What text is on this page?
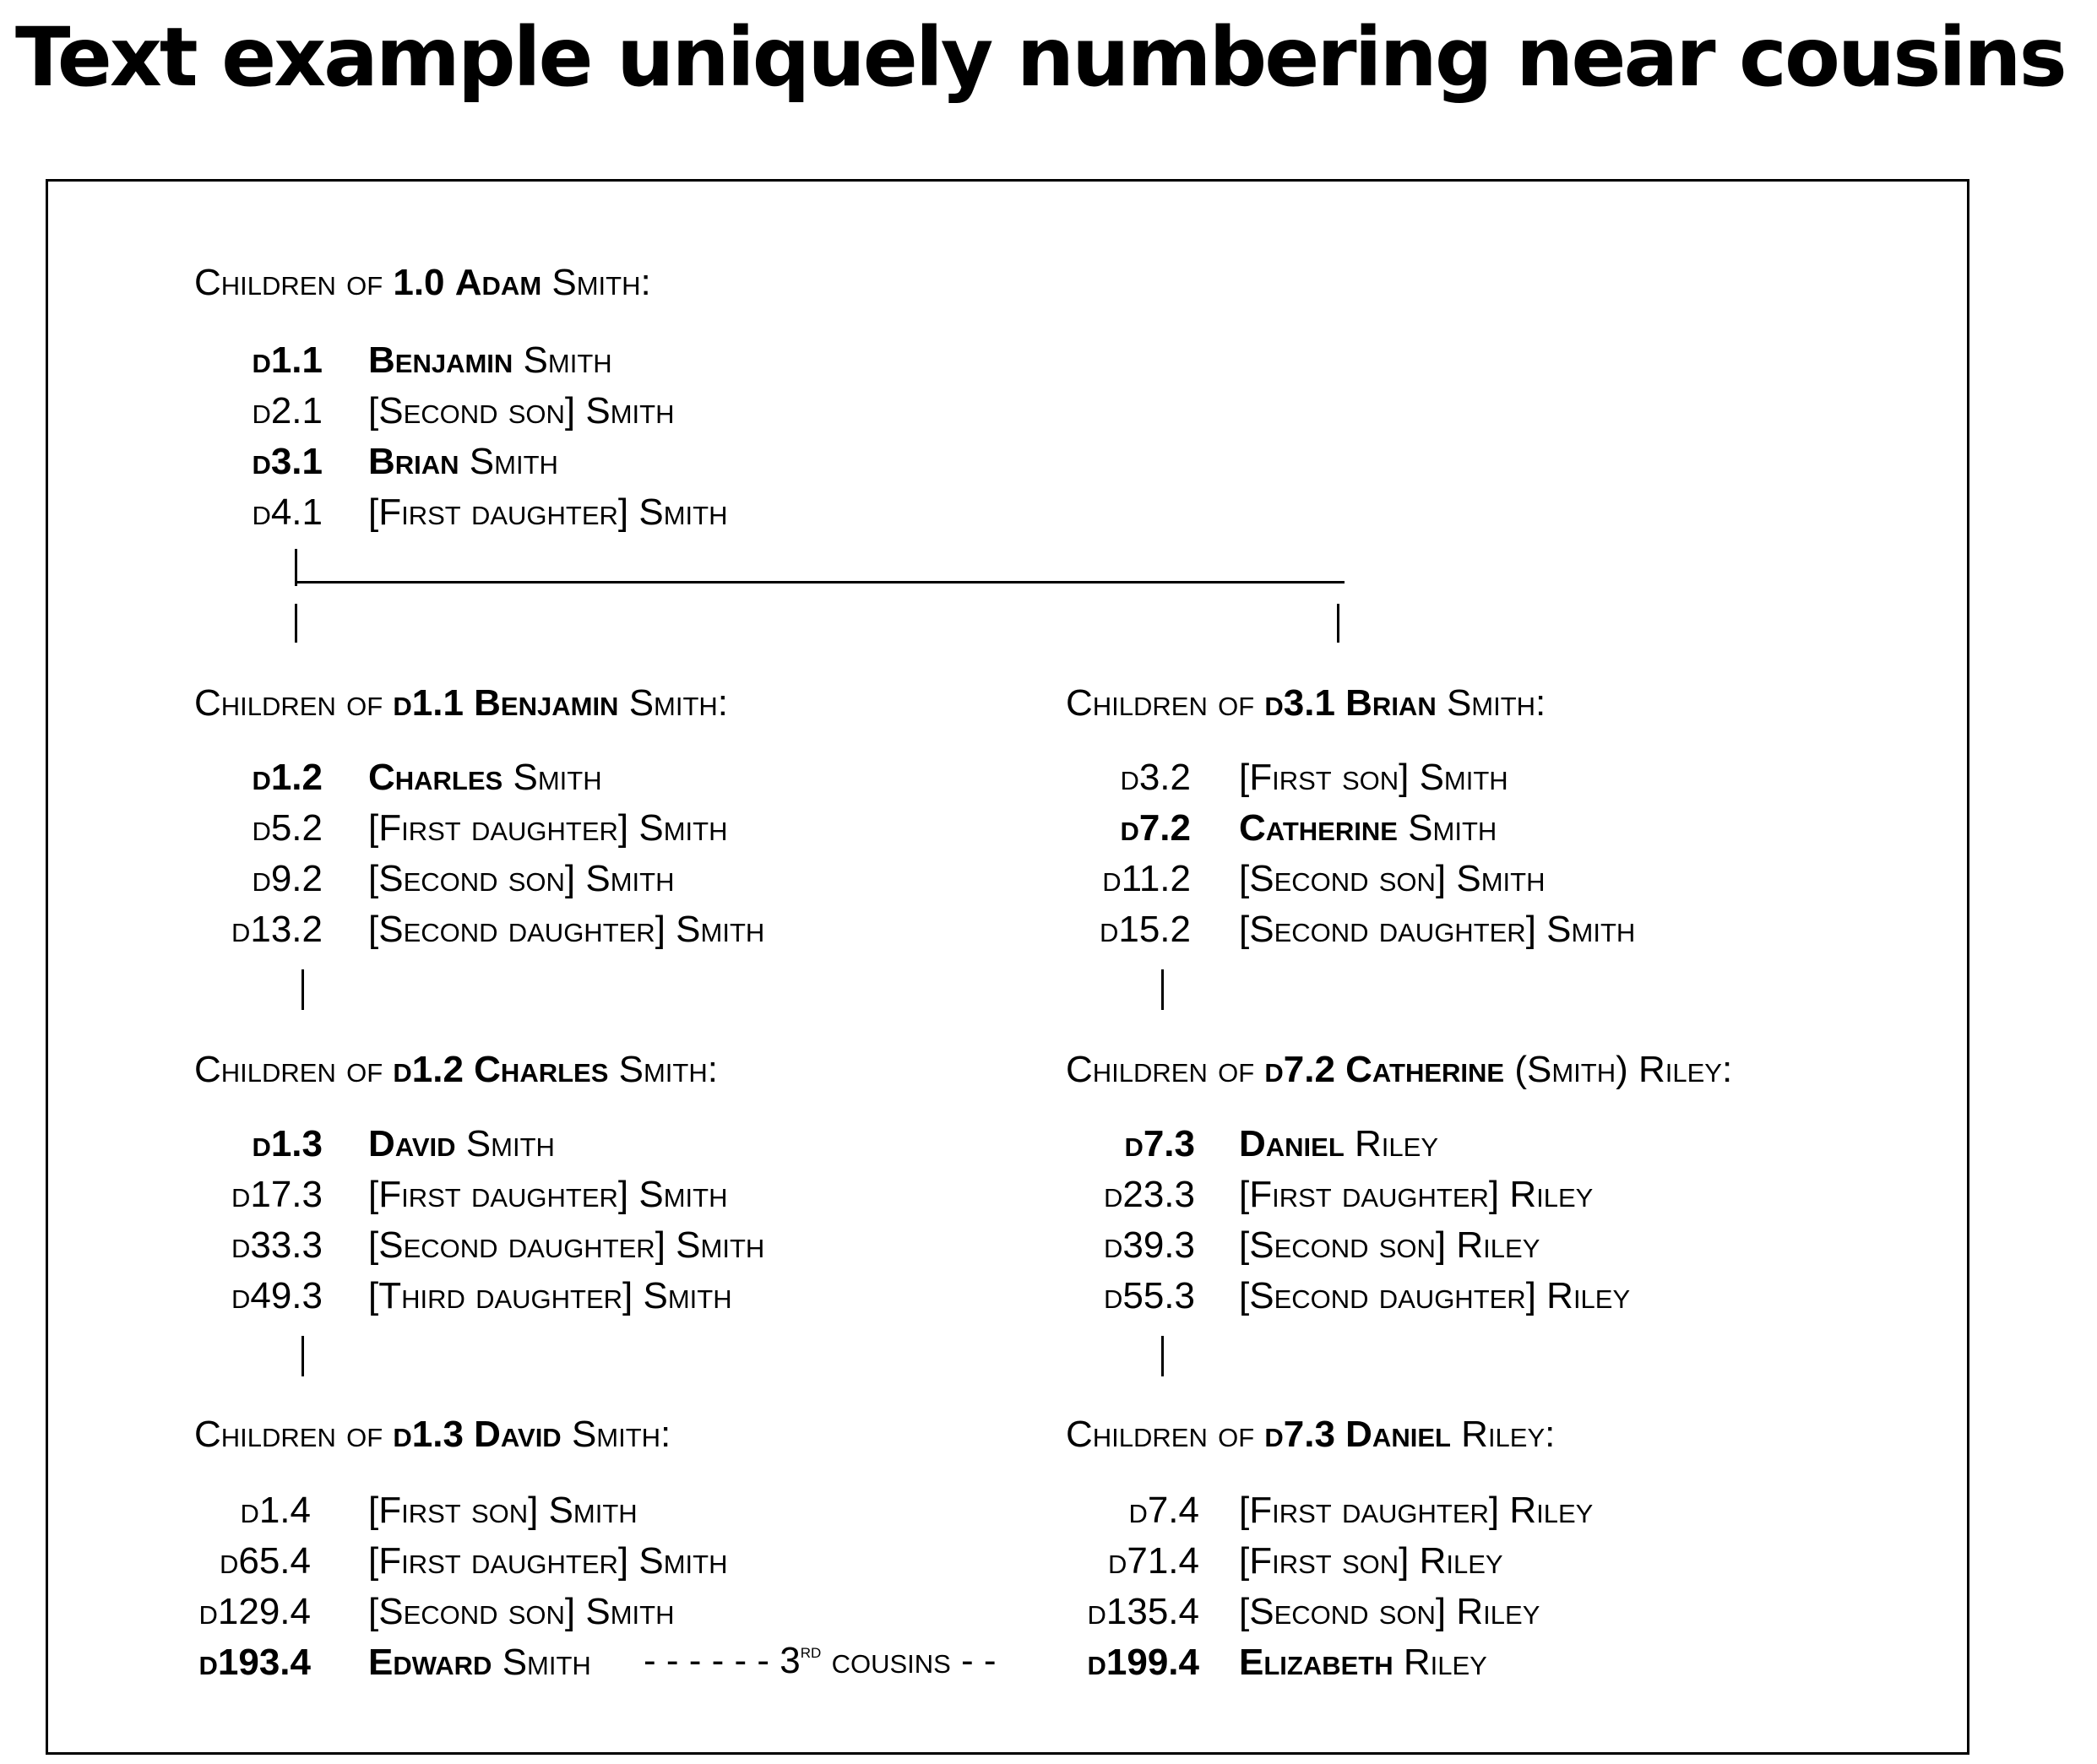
Text example uniquely numbering near cousins
Children of 1.0 Adam Smith:
d1.1 Benjamin Smith
d2.1 [Second son] Smith
d3.1 Brian Smith
d4.1 [First daughter] Smith
Children of d1.1 Benjamin Smith:
d1.2 Charles Smith
d5.2 [First daughter] Smith
d9.2 [Second son] Smith
d13.2 [Second daughter] Smith
Children of d1.2 Charles Smith:
d1.3 David Smith
d17.3 [First daughter] Smith
d33.3 [Second daughter] Smith
d49.3 [Third daughter] Smith
Children of d1.3 David Smith:
d1.4 [First son] Smith
d65.4 [First daughter] Smith
d129.4 [Second son] Smith
d193.4 Edward Smith
Children of d3.1 Brian Smith:
d3.2 [First son] Smith
d7.2 Catherine Smith
d11.2 [Second son] Smith
d15.2 [Second daughter] Smith
Children of d7.2 Catherine (Smith) Riley:
d7.3 Daniel Riley
d23.3 [First daughter] Riley
d39.3 [Second son] Riley
d55.3 [Second daughter] Riley
Children of d7.3 Daniel Riley:
d7.4 [First daughter] Riley
d71.4 [First son] Riley
d135.4 [Second son] Riley
d199.4 Elizabeth Riley
- - - - - - 3rd cousins - -
